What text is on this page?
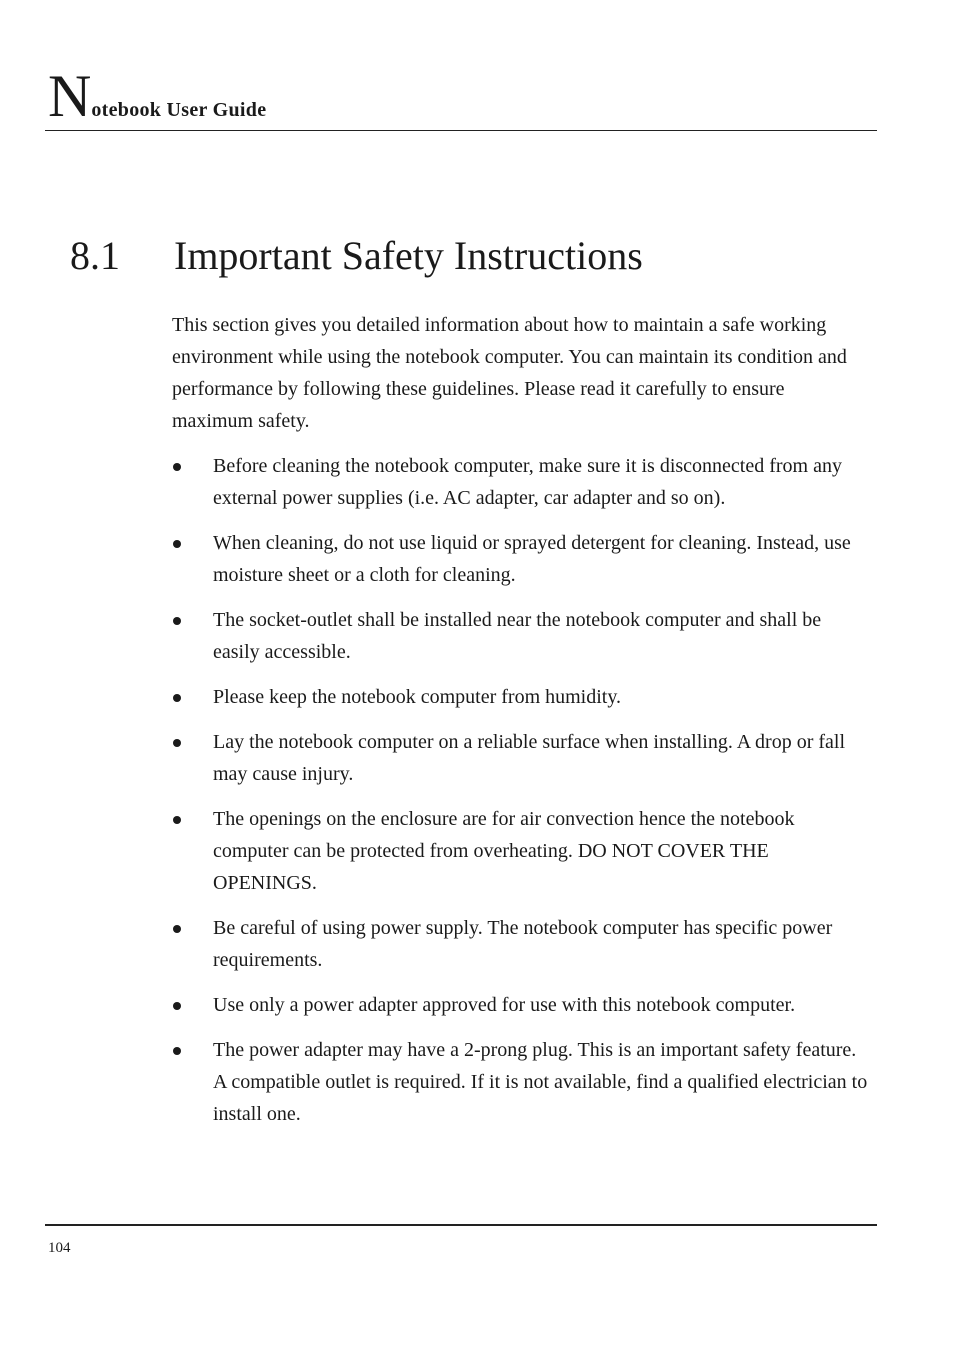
Notebook User Guide
8.1 Important Safety Instructions

This section gives you detailed information about how to maintain a safe working environment while using the notebook computer. You can maintain its condition and performance by following these guidelines. Please read it carefully to ensure maximum safety.

Before cleaning the notebook computer, make sure it is disconnected from any external power supplies (i.e. AC adapter, car adapter and so on).
When cleaning, do not use liquid or sprayed detergent for cleaning. Instead, use moisture sheet or a cloth for cleaning.
The socket-outlet shall be installed near the notebook computer and shall be easily accessible.
Please keep the notebook computer from humidity.
Lay the notebook computer on a reliable surface when installing. A drop or fall may cause injury.
The openings on the enclosure are for air convection hence the notebook computer can be protected from overheating. DO NOT COVER THE OPENINGS.
Be careful of using power supply. The notebook computer has specific power requirements.
Use only a power adapter approved for use with this notebook computer.
The power adapter may have a 2-prong plug. This is an important safety feature. A compatible outlet is required. If it is not available, find a qualified electrician to install one.
104
